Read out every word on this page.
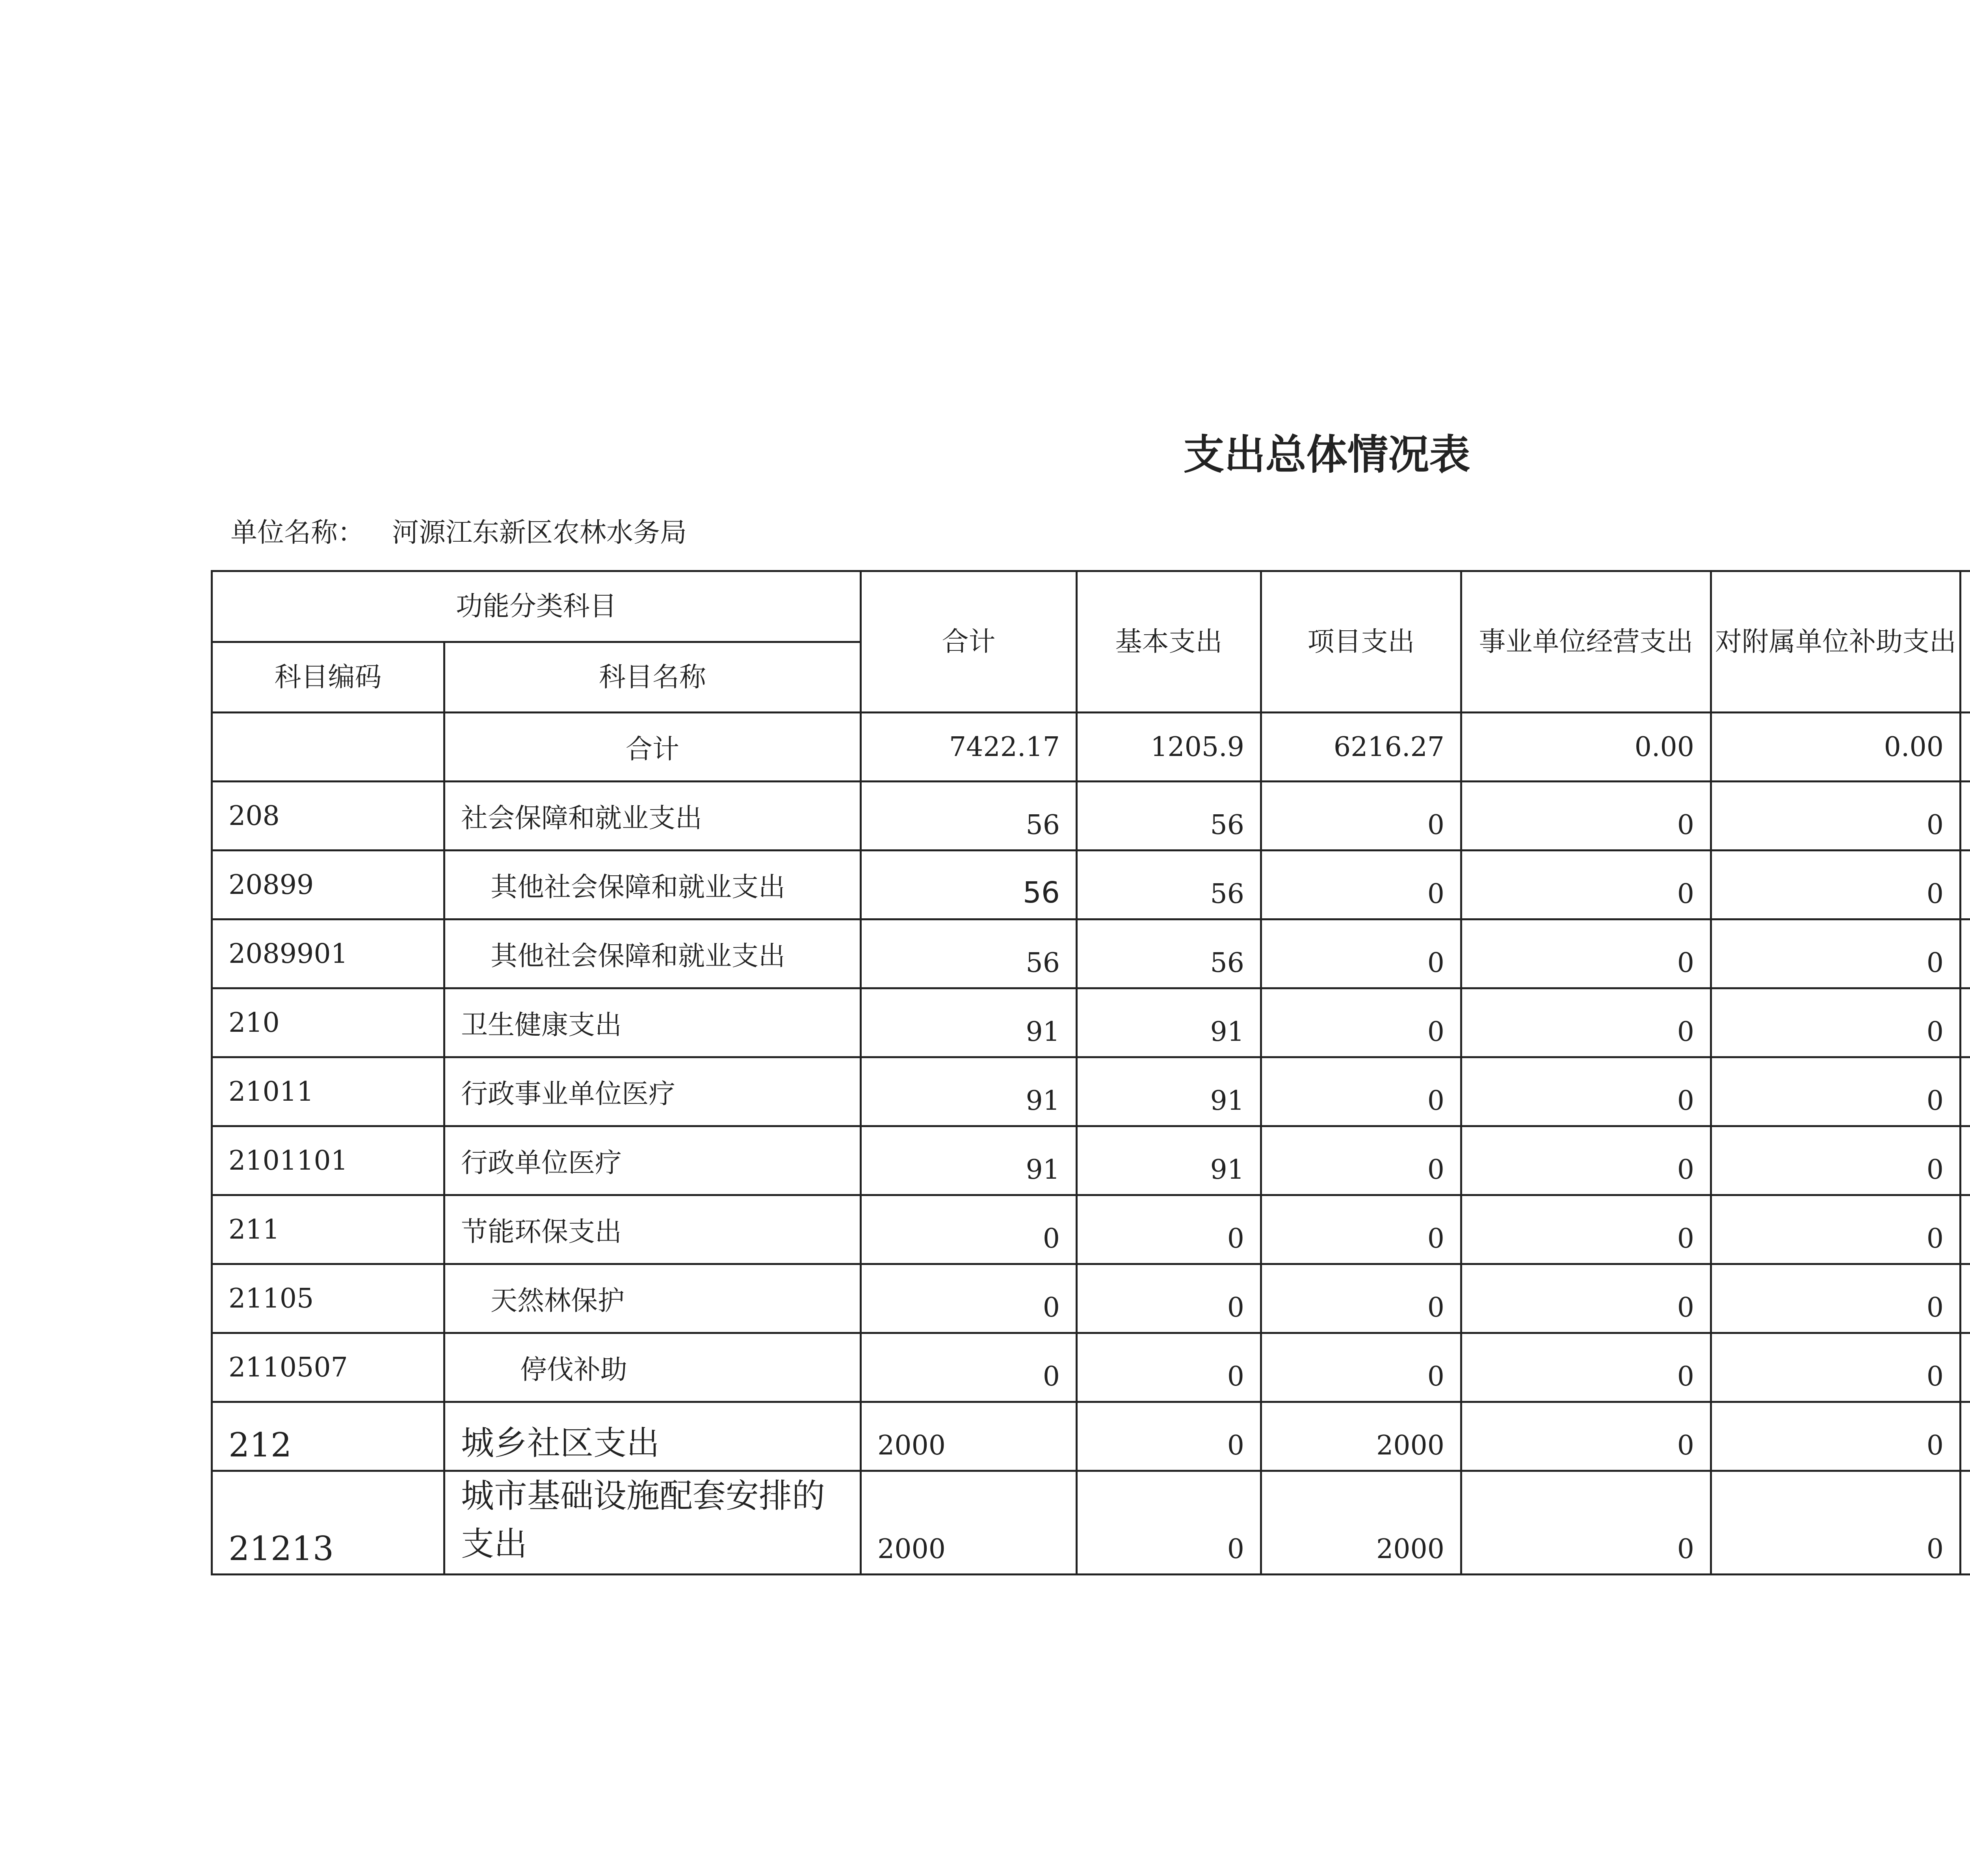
支出总体情况表
单位名称： 河源江东新区农林水务局
功能分类科目		合计	基本支出	项目支出	事业单位经营支出	对附属单位补助支出		
科目编码	科目名称							
	合计	7422.17	1205.9	6216.27	0.00	0.00		
208	社会保障和就业支出	56	56	0	0	0		
20899	其他社会保障和就业支出	56	56	0	0	0		
2089901	其他社会保障和就业支出	56	56	0	0	0		
210	卫生健康支出	91	91	0	0	0		
21011	行政事业单位医疗	91	91	0	0	0		
2101101	行政单位医疗	91	91	0	0	0		
211	节能环保支出	0	0	0	0	0		
21105	天然林保护	0	0	0	0	0		
2110507	停伐补助	0	0	0	0	0		
212	城乡社区支出	2000	0	2000	0	0		
21213	城市基础设施配套安排的支出	2000	0	2000	0	0		
